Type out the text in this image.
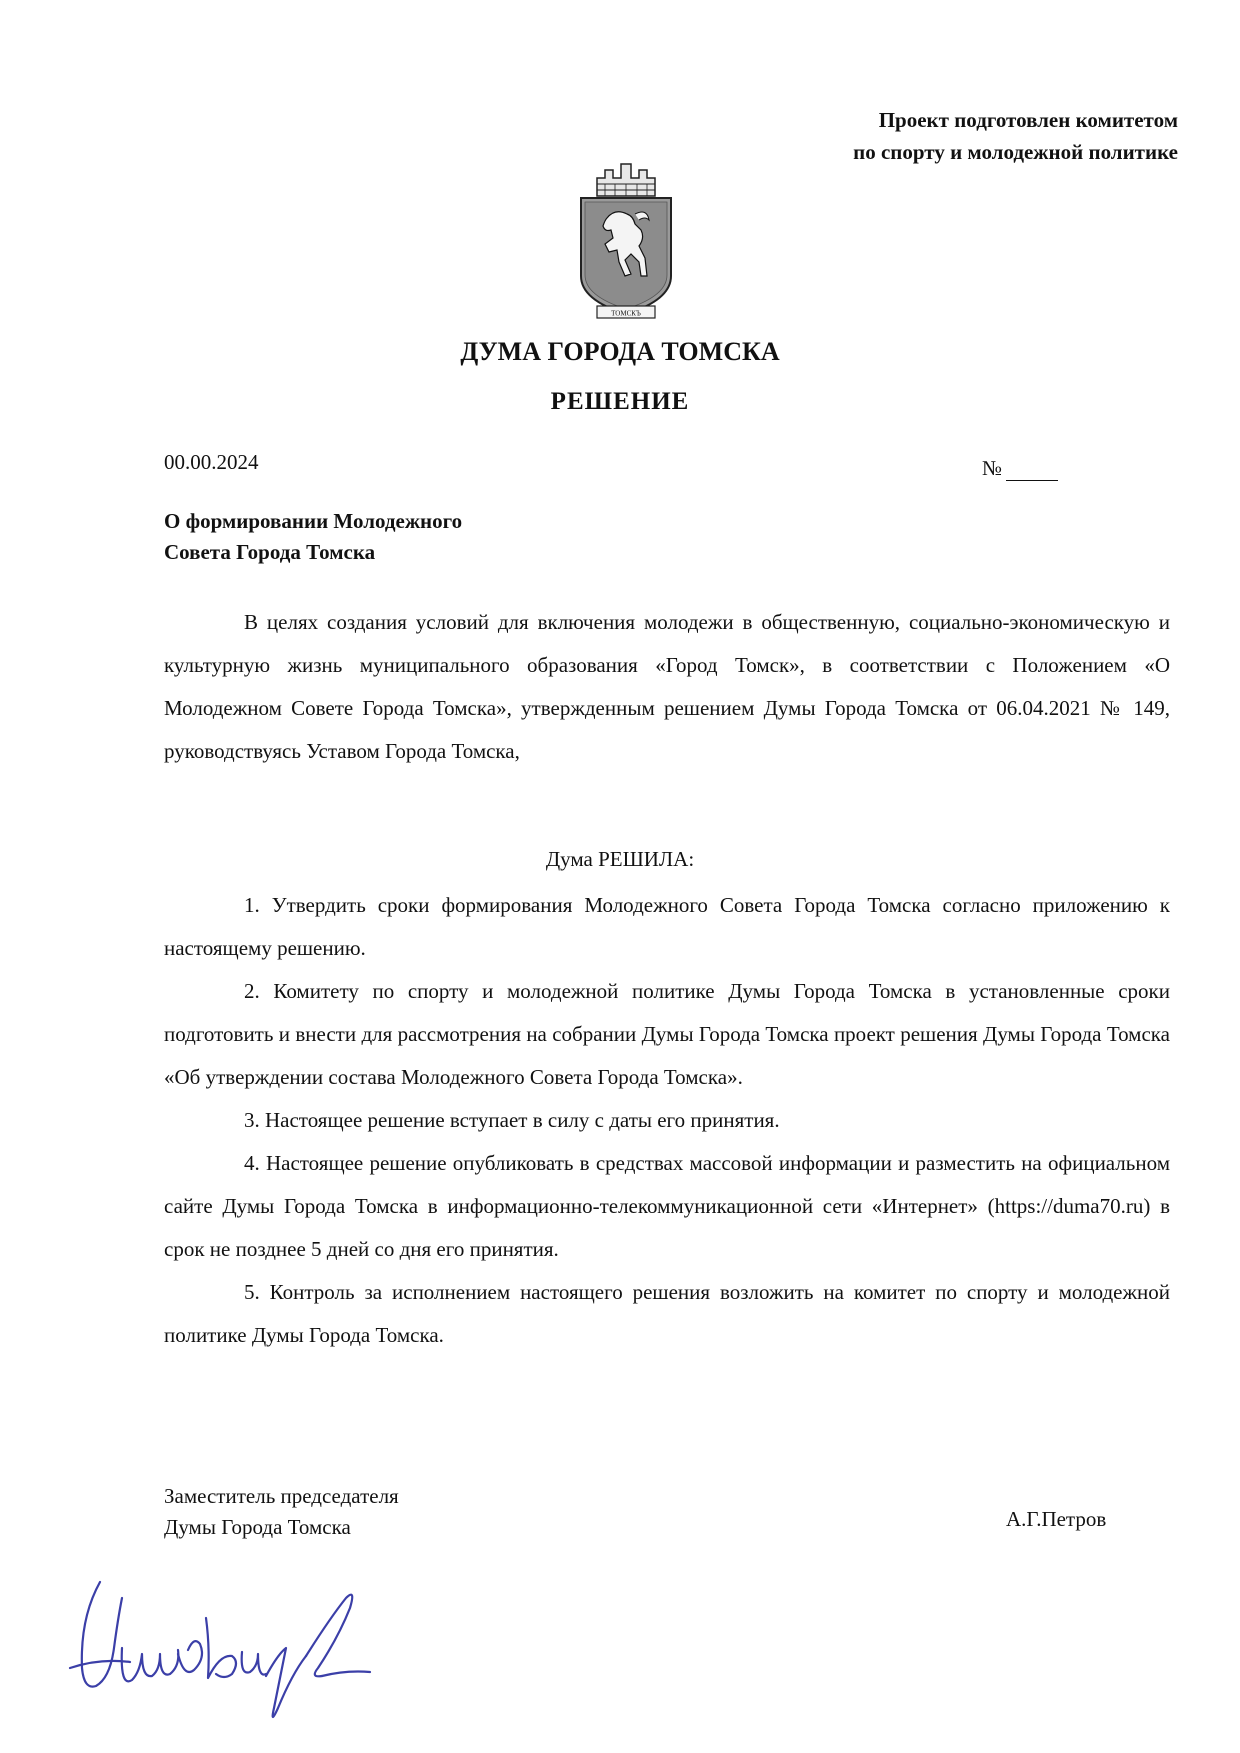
Проект подготовлен комитетом
по спорту и молодежной политике
ТОМСКЪ
ДУМА ГОРОДА ТОМСКА
РЕШЕНИЕ
00.00.2024	№
О формировании Молодежного
Совета Города Томска

В целях создания условий для включения молодежи в общественную, социально-экономическую и культурную жизнь муниципального образования «Город Томск», в соответствии с Положением «О Молодежном Совете Города Томска», утвержденным решением Думы Города Томска от 06.04.2021 № 149, руководствуясь Уставом Города Томска,

Дума РЕШИЛА:

1. Утвердить сроки формирования Молодежного Совета Города Томска согласно приложению к настоящему решению.

2. Комитету по спорту и молодежной политике Думы Города Томска в установленные сроки подготовить и внести для рассмотрения на собрании Думы Города Томска проект решения Думы Города Томска «Об утверждении состава Молодежного Совета Города Томска».

3. Настоящее решение вступает в силу с даты его принятия.

4. Настоящее решение опубликовать в средствах массовой информации и разместить на официальном сайте Думы Города Томска в информационно-телекоммуникационной сети «Интернет» (https://duma70.ru) в срок не позднее 5 дней со дня его принятия.

5. Контроль за исполнением настоящего решения возложить на комитет по спорту и молодежной политике Думы Города Томска.

Заместитель председателя
Думы Города Томска	А.Г.Петров
